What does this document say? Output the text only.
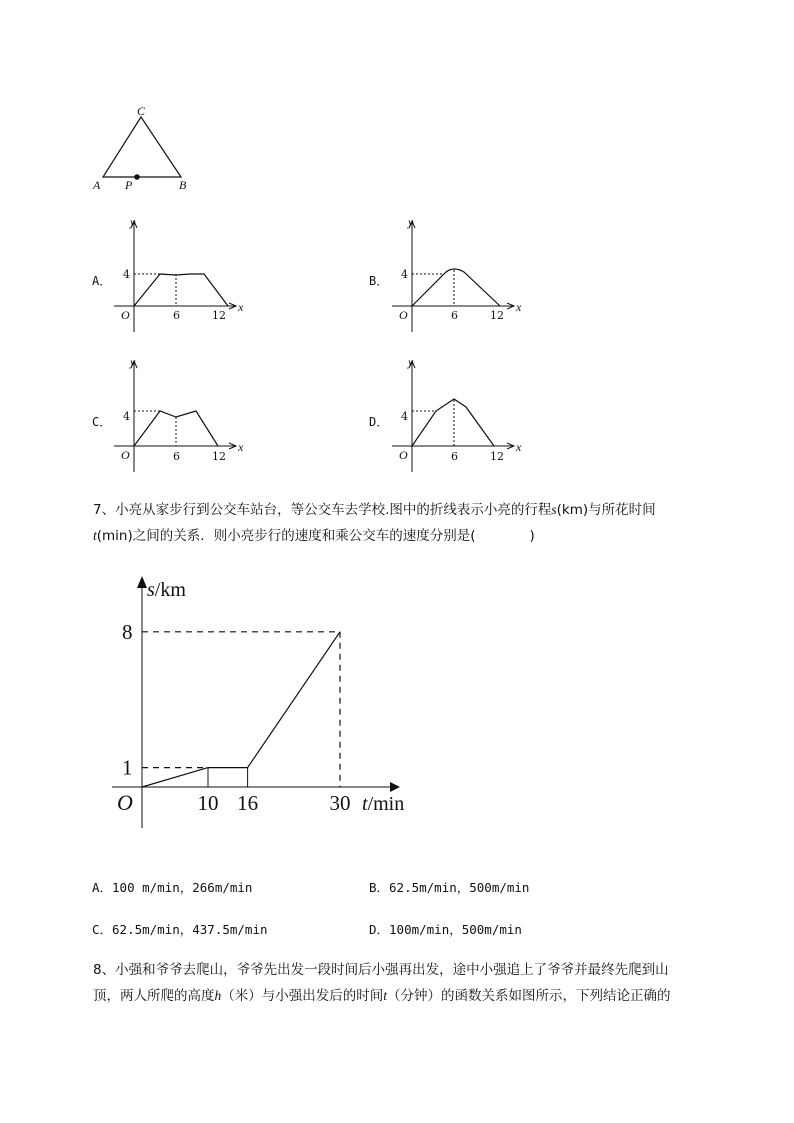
C
A P	B
A．
y
x
O
4
6	12
B．
y
x
O
4
6	12
C．
y
x
O
4
6	12
D．
y
x
O
4
6	12
7、小亮从家步行到公交车站台，等公交车去学校.图中的折线表示小亮的行程s(km)与所花时间
t(min)之间的关系．则小亮步行的速度和乘公交车的速度分别是(　　　　)
s/km
t/min
O
1
8
10 16	30
A．100 m/min，266m/min	B．62.5m/min，500m/min
C．62.5m/min，437.5m/min	D．100m/min，500m/min
8、小强和爷爷去爬山，爷爷先出发一段时间后小强再出发，途中小强追上了爷爷并最终先爬到山
顶，两人所爬的高度h（米）与小强出发后的时间t（分钟）的函数关系如图所示，下列结论正确的
